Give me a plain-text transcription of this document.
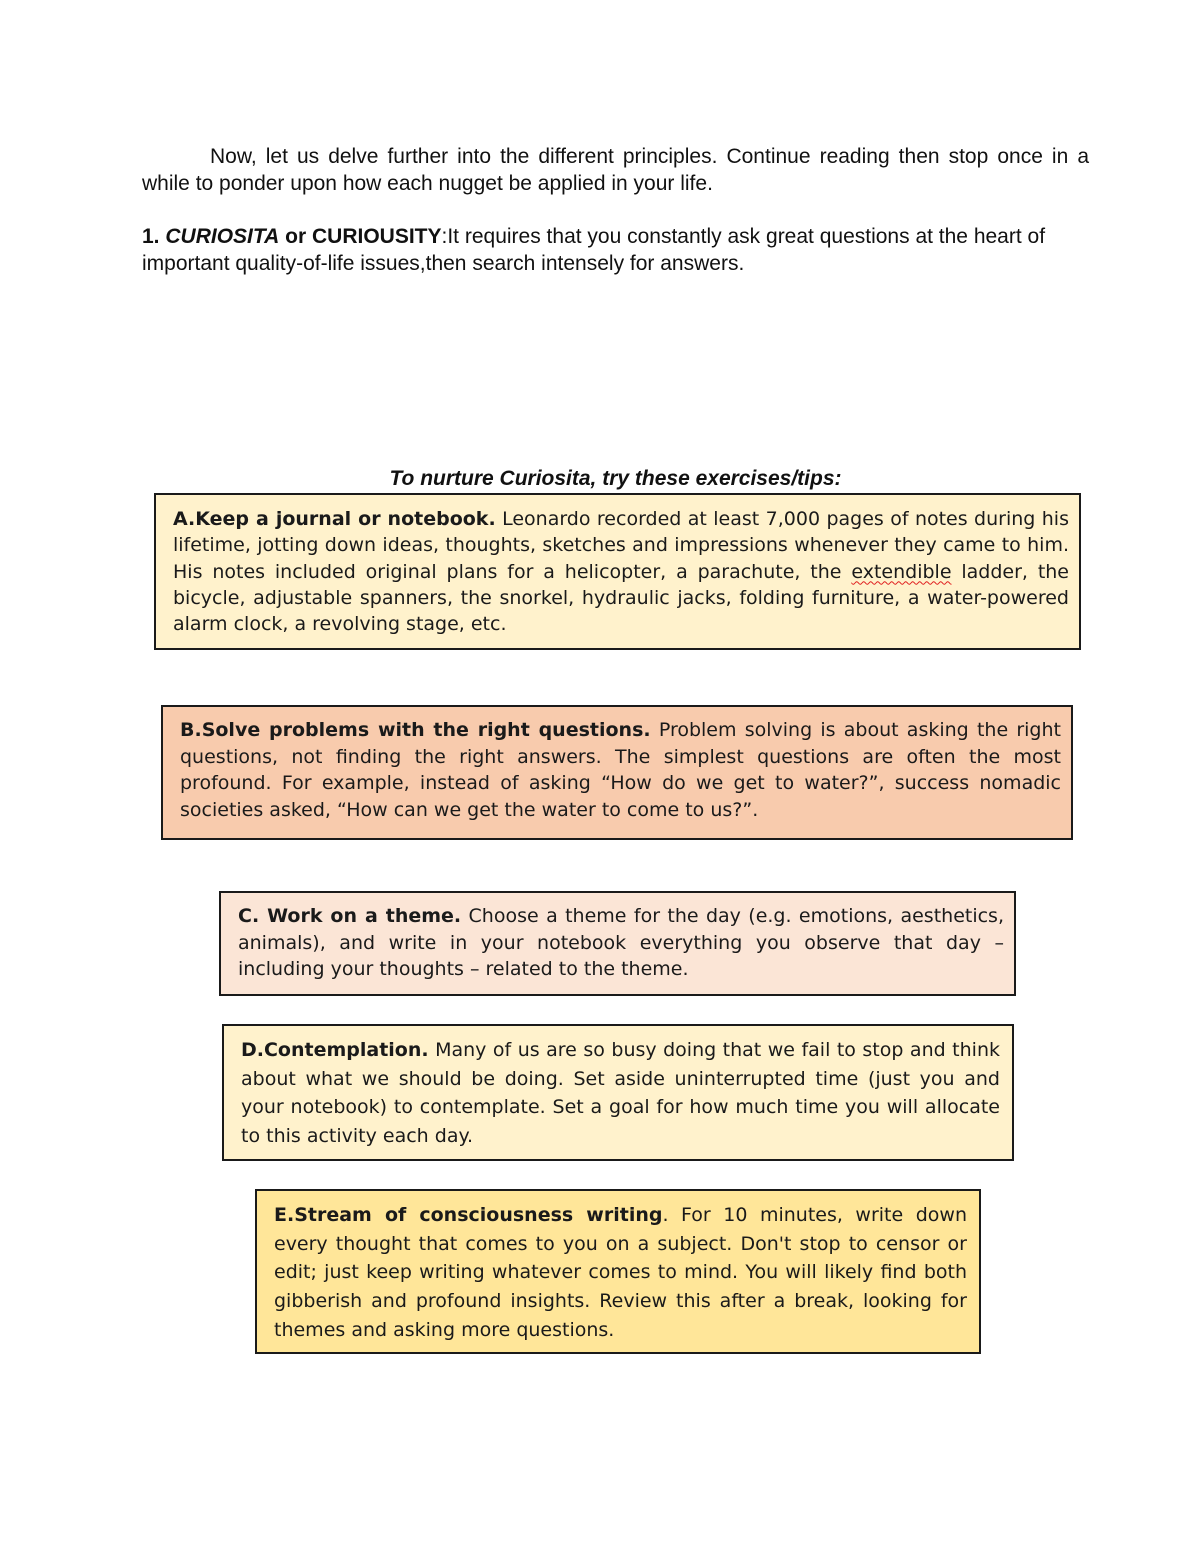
Now, let us delve further into the different principles. Continue reading then stop once in a while to ponder upon how each nugget be applied in your life.

1. CURIOSITA or CURIOUSITY:It requires that you constantly ask great questions at the heart of important quality-of-life issues,then search intensely for answers.

To nurture Curiosita, try these exercises/tips:
A.Keep a journal or notebook. Leonardo recorded at least 7,000 pages of notes during his lifetime, jotting down ideas, thoughts, sketches and impressions whenever they came to him. His notes included original plans for a helicopter, a parachute, the extendible ladder, the bicycle, adjustable spanners, the snorkel, hydraulic jacks, folding furniture, a water-powered alarm clock, a revolving stage, etc.
B.Solve problems with the right questions. Problem solving is about asking the right questions, not finding the right answers. The simplest questions are often the most profound. For example, instead of asking “How do we get to water?”, success nomadic societies asked, “How can we get the water to come to us?”.
C. Work on a theme. Choose a theme for the day (e.g. emotions, aesthetics, animals), and write in your notebook everything you observe that day – including your thoughts – related to the theme.
D.Contemplation. Many of us are so busy doing that we fail to stop and think about what we should be doing. Set aside uninterrupted time (just you and your notebook) to contemplate. Set a goal for how much time you will allocate to this activity each day.
E.Stream of consciousness writing. For 10 minutes, write down every thought that comes to you on a subject. Don't stop to censor or edit; just keep writing whatever comes to mind. You will likely find both gibberish and profound insights. Review this after a break, looking for themes and asking more questions.
